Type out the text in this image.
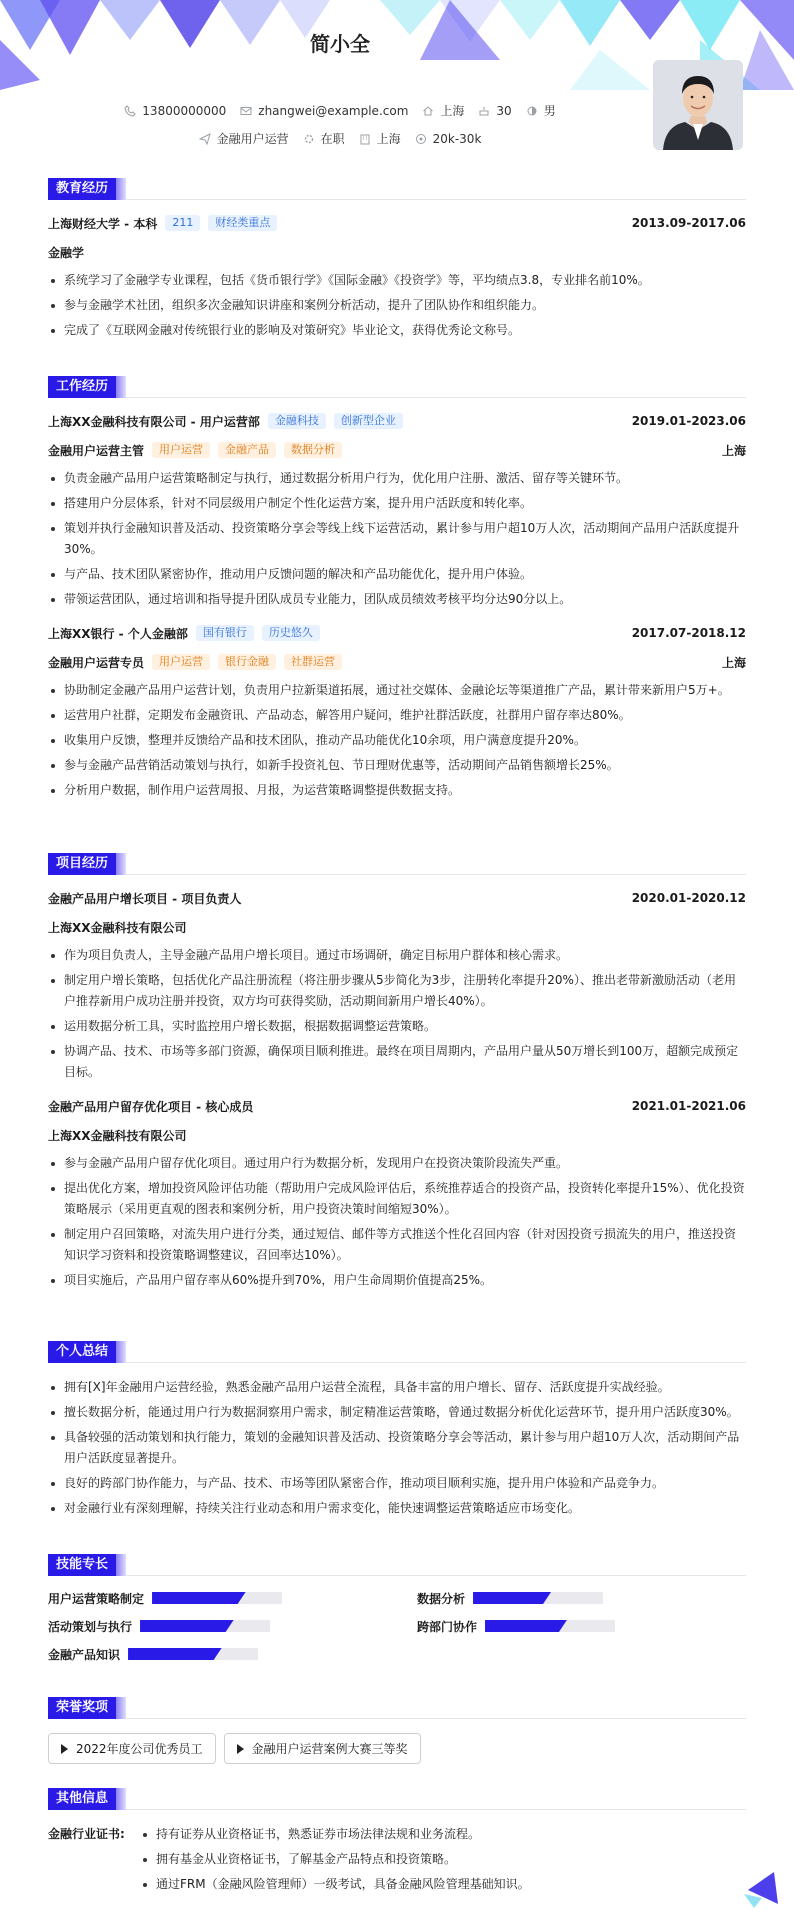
简小全
13800000000	zhangwei@example.com	上海	30	男
金融用户运营	在职	上海	20k-30k
教育经历
上海财经大学 - 本科	211	财经类重点	2013.09-2017.06
金融学
系统学习了金融学专业课程，包括《货币银行学》《国际金融》《投资学》等，平均绩点3.8，专业排名前10%。
参与金融学术社团，组织多次金融知识讲座和案例分析活动，提升了团队协作和组织能力。
完成了《互联网金融对传统银行业的影响及对策研究》毕业论文，获得优秀论文称号。
工作经历
上海XX金融科技有限公司 - 用户运营部	金融科技	创新型企业	2019.01-2023.06
金融用户运营主管	用户运营	金融产品	数据分析	上海
负责金融产品用户运营策略制定与执行，通过数据分析用户行为，优化用户注册、激活、留存等关键环节。
搭建用户分层体系，针对不同层级用户制定个性化运营方案，提升用户活跃度和转化率。
策划并执行金融知识普及活动、投资策略分享会等线上线下运营活动，累计参与用户超10万人次，活动期间产品用户活跃度提升30%。
与产品、技术团队紧密协作，推动用户反馈问题的解决和产品功能优化，提升用户体验。
带领运营团队，通过培训和指导提升团队成员专业能力，团队成员绩效考核平均分达90分以上。
上海XX银行 - 个人金融部	国有银行	历史悠久	2017.07-2018.12
金融用户运营专员	用户运营	银行金融	社群运营	上海
协助制定金融产品用户运营计划，负责用户拉新渠道拓展，通过社交媒体、金融论坛等渠道推广产品，累计带来新用户5万+。
运营用户社群，定期发布金融资讯、产品动态，解答用户疑问，维护社群活跃度，社群用户留存率达80%。
收集用户反馈，整理并反馈给产品和技术团队，推动产品功能优化10余项，用户满意度提升20%。
参与金融产品营销活动策划与执行，如新手投资礼包、节日理财优惠等，活动期间产品销售额增长25%。
分析用户数据，制作用户运营周报、月报，为运营策略调整提供数据支持。
项目经历
金融产品用户增长项目 - 项目负责人	2020.01-2020.12
上海XX金融科技有限公司
作为项目负责人，主导金融产品用户增长项目。通过市场调研，确定目标用户群体和核心需求。
制定用户增长策略，包括优化产品注册流程（将注册步骤从5步简化为3步，注册转化率提升20%）、推出老带新激励活动（老用户推荐新用户成功注册并投资，双方均可获得奖励，活动期间新用户增长40%）。
运用数据分析工具，实时监控用户增长数据，根据数据调整运营策略。
协调产品、技术、市场等多部门资源，确保项目顺利推进。最终在项目周期内，产品用户量从50万增长到100万，超额完成预定目标。
金融产品用户留存优化项目 - 核心成员	2021.01-2021.06
上海XX金融科技有限公司
参与金融产品用户留存优化项目。通过用户行为数据分析，发现用户在投资决策阶段流失严重。
提出优化方案，增加投资风险评估功能（帮助用户完成风险评估后，系统推荐适合的投资产品，投资转化率提升15%）、优化投资策略展示（采用更直观的图表和案例分析，用户投资决策时间缩短30%）。
制定用户召回策略，对流失用户进行分类，通过短信、邮件等方式推送个性化召回内容（针对因投资亏损流失的用户，推送投资知识学习资料和投资策略调整建议，召回率达10%）。
项目实施后，产品用户留存率从60%提升到70%，用户生命周期价值提高25%。
个人总结
拥有[X]年金融用户运营经验，熟悉金融产品用户运营全流程，具备丰富的用户增长、留存、活跃度提升实战经验。
擅长数据分析，能通过用户行为数据洞察用户需求，制定精准运营策略，曾通过数据分析优化运营环节，提升用户活跃度30%。
具备较强的活动策划和执行能力，策划的金融知识普及活动、投资策略分享会等活动，累计参与用户超10万人次，活动期间产品用户活跃度显著提升。
良好的跨部门协作能力，与产品、技术、市场等团队紧密合作，推动项目顺利实施，提升用户体验和产品竞争力。
对金融行业有深刻理解，持续关注行业动态和用户需求变化，能快速调整运营策略适应市场变化。
技能专长
用户运营策略制定	数据分析
活动策划与执行	跨部门协作
金融产品知识
荣誉奖项
2022年度公司优秀员工	金融用户运营案例大赛三等奖
其他信息
金融行业证书:	持有证券从业资格证书，熟悉证券市场法律法规和业务流程。
拥有基金从业资格证书，了解基金产品特点和投资策略。
通过FRM（金融风险管理师）一级考试，具备金融风险管理基础知识。
